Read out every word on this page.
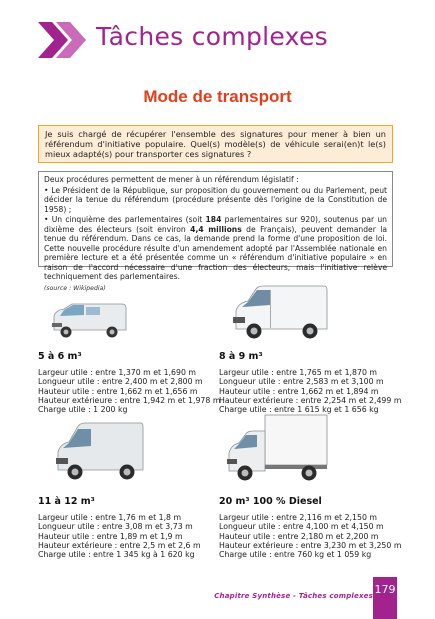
Tâches complexes
Mode de transport
Je suis chargé de récupérer l'ensemble des signatures pour mener à bien un référendum d'initiative populaire. Quel(s) modèle(s) de véhicule serai(en)t le(s) mieux adapté(s) pour transporter ces signatures ?

Deux procédures permettent de mener à un référendum législatif :

• Le Président de la République, sur proposition du gouvernement ou du Parlement, peut décider la tenue du référendum (procédure présente dès l'origine de la Constitution de 1958) ;

• Un cinquième des parlementaires (soit 184 parlementaires sur 920), soutenus par un dixième des électeurs (soit environ 4,4 millions de Français), peuvent demander la tenue du référendum. Dans ce cas, la demande prend la forme d'une proposition de loi. Cette nouvelle procédure résulte d'un amendement adopté par l'Assemblée nationale en première lecture et a été présentée comme un « référendum d'initiative populaire » en raison de l'accord nécessaire d'une fraction des électeurs, mais l'initiative relève techniquement des parlementaires.

(source : Wikipedia)
5 à 6 m³
Largeur utile : entre 1,370 m et 1,690 m
Longueur utile : entre 2,400 m et 2,800 m
Hauteur utile : entre 1,662 m et 1,656 m
Hauteur extérieure : entre 1,942 m et 1,978 m
Charge utile : 1 200 kg
8 à 9 m³
Largeur utile : entre 1,765 m et 1,870 m
Longueur utile : entre 2,583 m et 3,100 m
Hauteur utile : entre 1,662 m et 1,894 m
Hauteur extérieure : entre 2,254 m et 2,499 m
Charge utile : entre 1 615 kg et 1 656 kg
11 à 12 m³
Largeur utile : entre 1,76 m et 1,8 m
Longueur utile : entre 3,08 m et 3,73 m
Hauteur utile : entre 1,89 m et 1,9 m
Hauteur extérieure : entre 2,5 m et 2,6 m
Charge utile : entre 1 345 kg à 1 620 kg
20 m³ 100 % Diesel
Largeur utile : entre 2,116 m et 2,150 m
Longueur utile : entre 4,100 m et 4,150 m
Hauteur utile : entre 2,180 m et 2,200 m
Hauteur extérieure : entre 3,230 m et 3,250 m
Charge utile : entre 760 kg et 1 059 kg
Chapitre Synthèse - Tâches complexes 179
